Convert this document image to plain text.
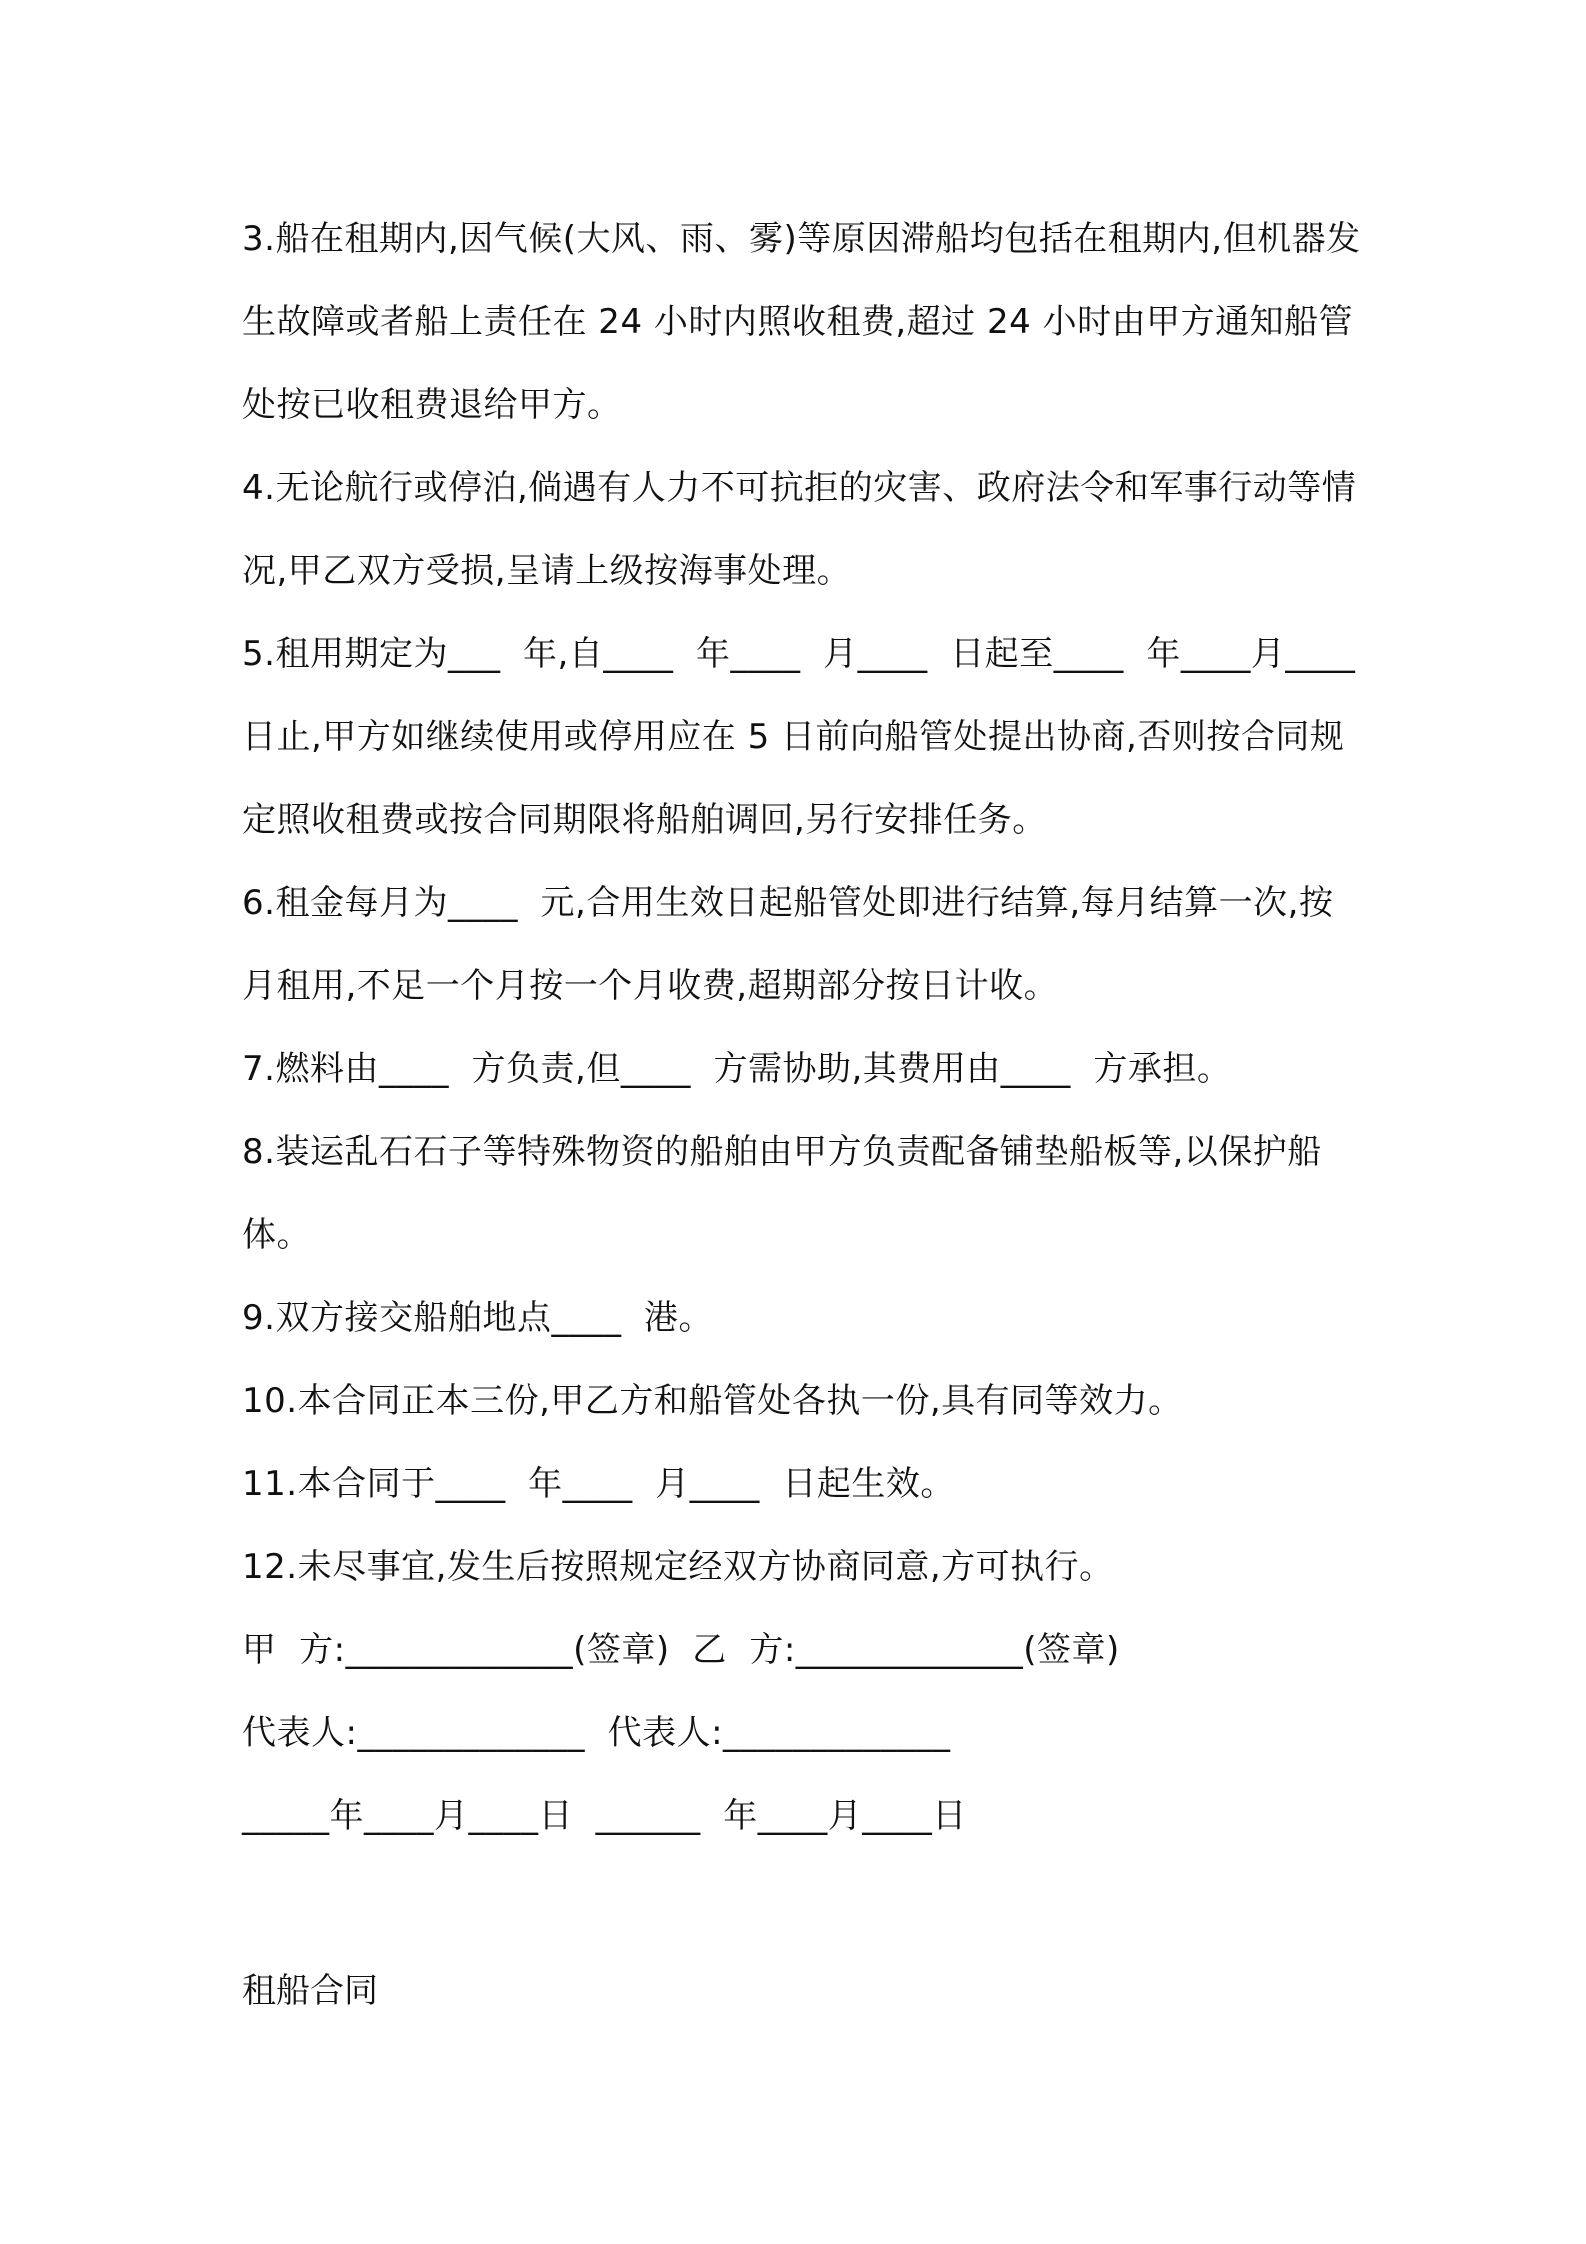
3.船在租期内,因气候(大风、雨、雾)等原因滞船均包括在租期内,但机器发生故障或者船上责任在 24 小时内照收租费,超过 24 小时由甲方通知船管处按已收租费退给甲方。

4.无论航行或停泊,倘遇有人力不可抗拒的灾害、政府法令和军事行动等情况,甲乙双方受损,呈请上级按海事处理。

5.租用期定为___  年,自____  年____  月____  日起至____  年____月____日止,甲方如继续使用或停用应在 5 日前向船管处提出协商,否则按合同规定照收租费或按合同期限将船舶调回,另行安排任务。

6.租金每月为____  元,合用生效日起船管处即进行结算,每月结算一次,按月租用,不足一个月按一个月收费,超期部分按日计收。

7.燃料由____  方负责,但____  方需协助,其费用由____  方承担。

8.装运乱石石子等特殊物资的船舶由甲方负责配备铺垫船板等,以保护船体。

9.双方接交船舶地点____  港。

10.本合同正本三份,甲乙方和船管处各执一份,具有同等效力。

11.本合同于____  年____  月____  日起生效。

12.未尽事宜,发生后按照规定经双方协商同意,方可执行。

甲  方:_____________(签章)  乙  方:_____________(签章)

代表人:_____________  代表人:_____________

_____年____月____日  ______  年____月____日

租船合同
